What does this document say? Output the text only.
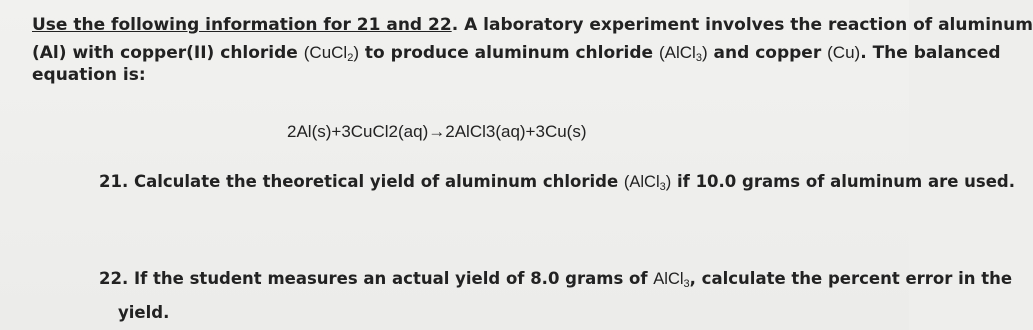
Use the following information for 21 and 22. A laboratory experiment involves the reaction of aluminum
(Al) with copper(II) chloride (CuCl$_2$) to produce aluminum chloride (AlCl$_3$) and copper (Cu). The balanced
equation is:
2Al(s)+3CuCl2(aq)→2AlCl3(aq)+3Cu(s)
21. Calculate the theoretical yield of aluminum chloride (AlCl$_3$) if 10.0 grams of aluminum are used.
22. If the student measures an actual yield of 8.0 grams of AlCl$_3$, calculate the percent error in the
yield.
